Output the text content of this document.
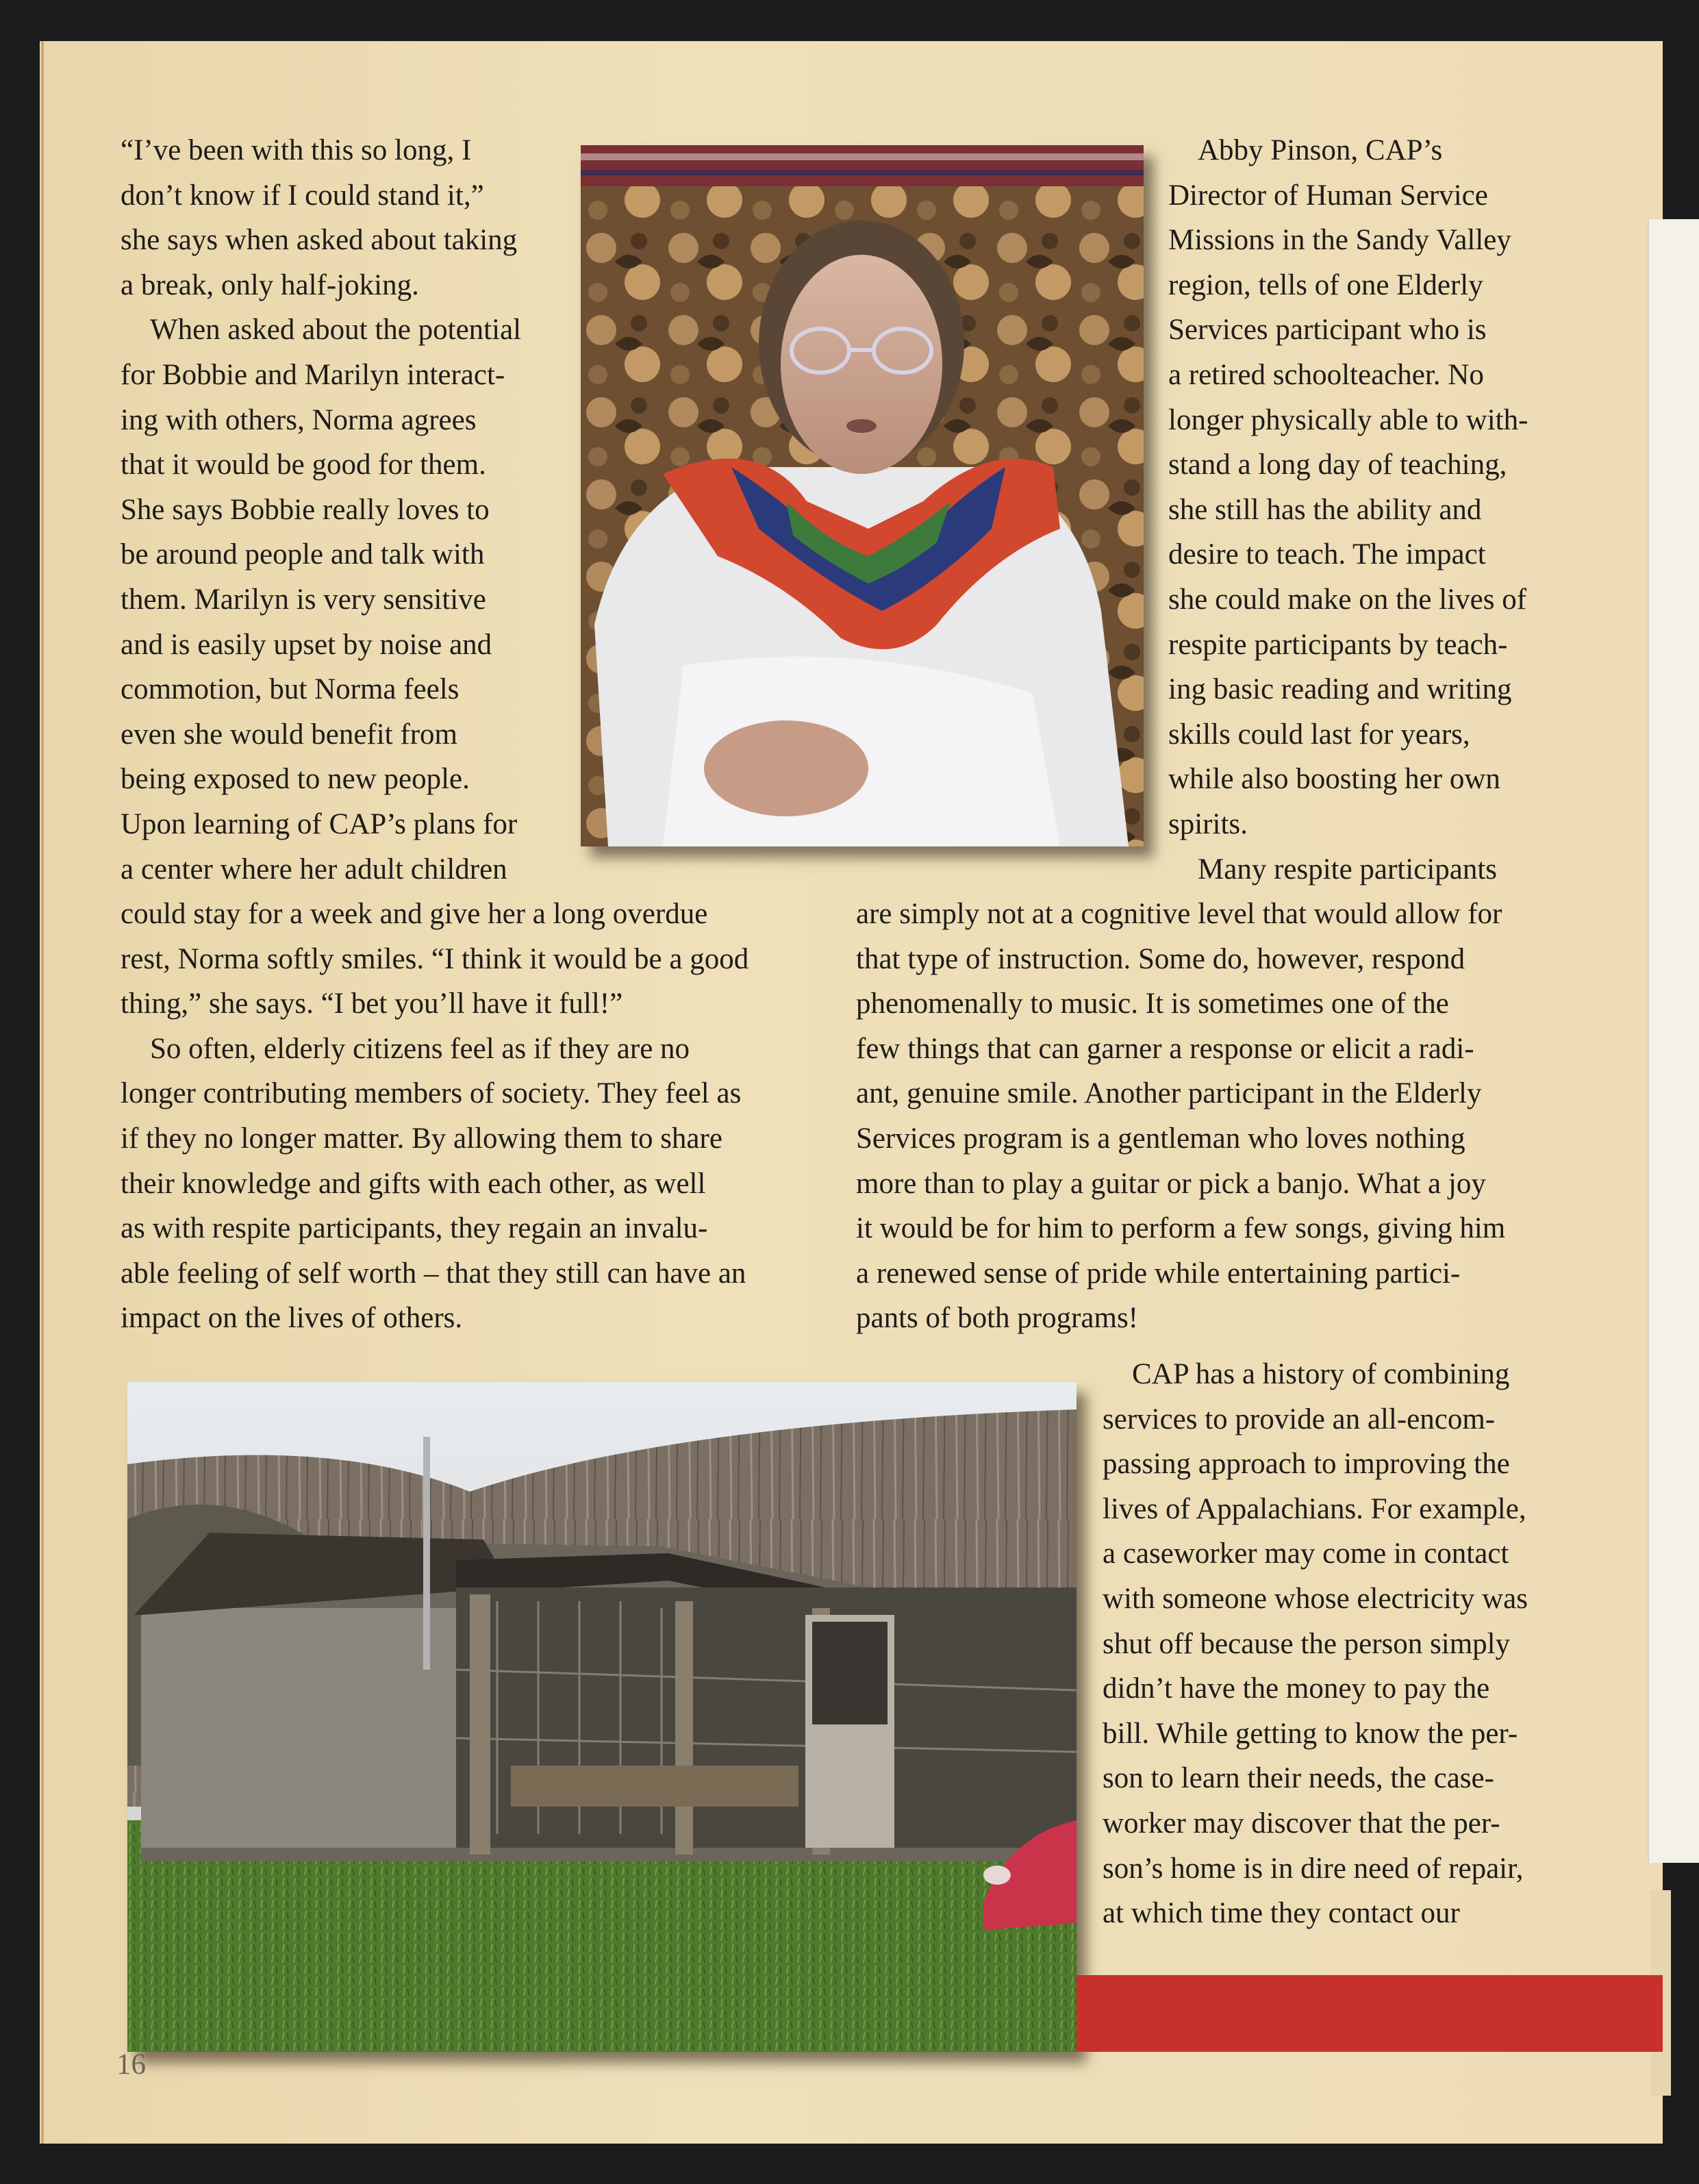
“I’ve been with this so long, I
don’t know if I could stand it,”
she says when asked about taking
a break, only half-joking.
 When asked about the potential
for Bobbie and Marilyn interact-
ing with others, Norma agrees
that it would be good for them.
She says Bobbie really loves to
be around people and talk with
them. Marilyn is very sensitive
and is easily upset by noise and
commotion, but Norma feels
even she would benefit from
being exposed to new people.
Upon learning of CAP’s plans for
a center where her adult children
could stay for a week and give her a long overdue
rest, Norma softly smiles. “I think it would be a good
thing,” she says. “I bet you’ll have it full!”
 So often, elderly citizens feel as if they are no
longer contributing members of society. They feel as
if they no longer matter. By allowing them to share
their knowledge and gifts with each other, as well
as with respite participants, they regain an invalu-
able feeling of self worth – that they still can have an
impact on the lives of others.
 Abby Pinson, CAP’s
Director of Human Service
Missions in the Sandy Valley
region, tells of one Elderly
Services participant who is
a retired schoolteacher. No
longer physically able to with-
stand a long day of teaching,
she still has the ability and
desire to teach. The impact
she could make on the lives of
respite participants by teach-
ing basic reading and writing
skills could last for years,
while also boosting her own
spirits.
 Many respite participants
are simply not at a cognitive level that would allow for
that type of instruction. Some do, however, respond
phenomenally to music. It is sometimes one of the
few things that can garner a response or elicit a radi-
ant, genuine smile. Another participant in the Elderly
Services program is a gentleman who loves nothing
more than to play a guitar or pick a banjo. What a joy
it would be for him to perform a few songs, giving him
a renewed sense of pride while entertaining partici-
pants of both programs!
 CAP has a history of combining
services to provide an all-encom-
passing approach to improving the
lives of Appalachians. For example,
a caseworker may come in contact
with someone whose electricity was
shut off because the person simply
didn’t have the money to pay the
bill. While getting to know the per-
son to learn their needs, the case-
worker may discover that the per-
son’s home is in dire need of repair,
at which time they contact our
16
